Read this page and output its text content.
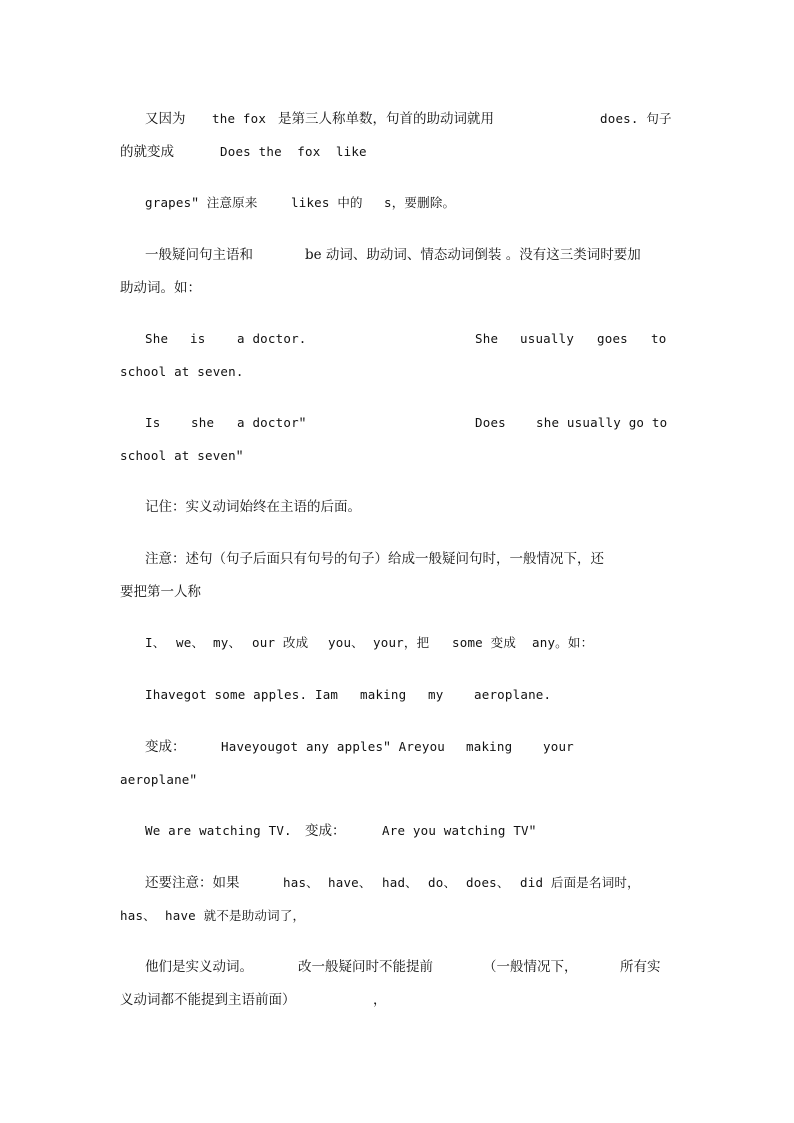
又因为

the fox

是第三人称单数，句首的助动词就用

	does. 句子

的就变成

	Does the  fox  like

grapesʺ 注意原来

	likes 中的

s，要删除。

一般疑问句主语和

	be 动词、助动词、情态动词倒装 。没有这三类词时要加

助动词。如：

She

is

	a doctor.

	She

usually

goes

to

school at seven.

Is

she

a doctorʺ

	Does

she usually go to

school at sevenʺ

记住：实义动词始终在主语的后面。

注意：述句（句子后面只有句号的句子）给成一般疑问句时，一般情况下，还

要把第一人称

I、

we、

my、

our 改成

you、

your，把

some 变成

any。如：

Ihavegot some apples. Iam

making

my

aeroplane.

变成：

	Haveyougot any applesʺ Areyou

making

your

aeroplaneʺ

We are watching TV.

变成：

	Are you watching TVʺ

还要注意：如果

	has、

have、

had、

do、

does、

did 后面是名词时，

has、

have 就不是助动词了，

他们是实义动词。

	改一般疑问时不能提前

	（一般情况下，

	所有实

义动词都不能提到主语前面）

	，
